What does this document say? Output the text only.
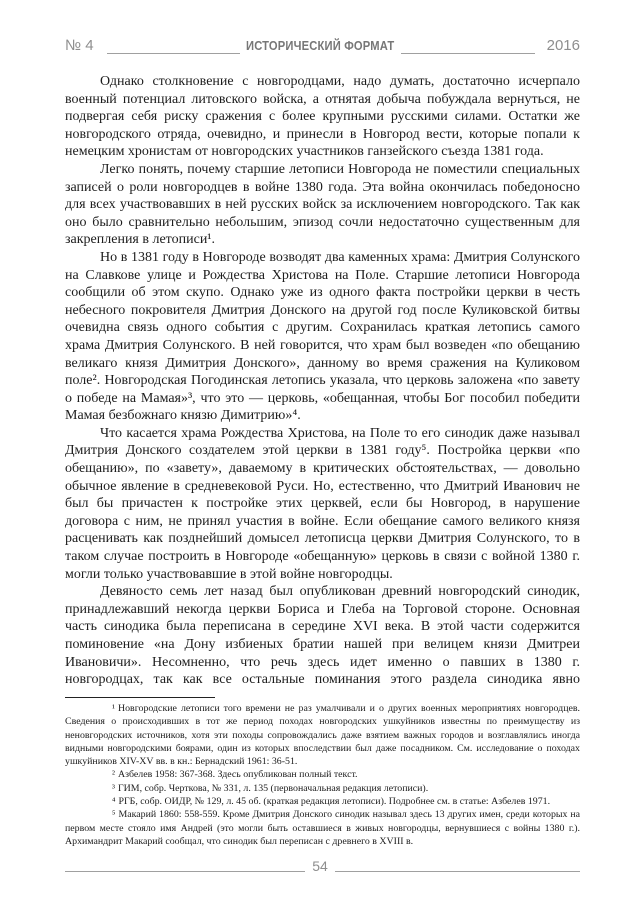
№ 4	ИСТОРИЧЕСКИЙ ФОРМАТ	2016

Однако столкновение с новгородцами, надо думать, достаточно исчерпало военный потенциал литовского войска, а отнятая добыча побуждала вернуться, не подвергая себя риску сражения с более крупными русскими силами. Остатки же новгородского отряда, очевидно, и принесли в Новгород вести, которые попали к немецким хронистам от новгородских участников ганзейского съезда 1381 года.

Легко понять, почему старшие летописи Новгорода не поместили специальных записей о роли новгородцев в войне 1380 года. Эта война окончилась победоносно для всех участвовавших в ней русских войск за исключением новгородского. Так как оно было сравнительно небольшим, эпизод сочли недостаточно существенным для закрепления в летописи¹.

Но в 1381 году в Новгороде возводят два каменных храма: Дмитрия Солунского на Славкове улице и Рождества Христова на Поле. Старшие летописи Новгорода сообщили об этом скупо. Однако уже из одного факта постройки церкви в честь небесного покровителя Дмитрия Донского на другой год после Куликовской битвы очевидна связь одного события с другим. Сохранилась краткая летопись самого храма Дмитрия Солунского. В ней говорится, что храм был возведен «по обещанию великаго князя Димитрия Донского», данному во время сражения на Куликовом поле². Новгородская Погодинская летопись указала, что церковь заложена «по завету о победе на Мамая»³, что это — церковь, «обещанная, чтобы Бог пособил победити Мамая безбожнаго князю Димитрию»⁴.

Что касается храма Рождества Христова, на Поле то его синодик даже называл Дмитрия Донского создателем этой церкви в 1381 году⁵. Постройка церкви «по обещанию», по «завету», даваемому в критических обстоятельствах, — довольно обычное явление в средневековой Руси. Но, естественно, что Дмитрий Иванович не был бы причастен к постройке этих церквей, если бы Новгород, в нарушение договора с ним, не принял участия в войне. Если обещание самого великого князя расценивать как позднейший домысел летописца церкви Дмитрия Солунского, то в таком случае построить в Новгороде «обещанную» церковь в связи с войной 1380 г. могли только участвовавшие в этой войне новгородцы.

Девяносто семь лет назад был опубликован древний новгородский синодик, принадлежавший некогда церкви Бориса и Глеба на Торговой стороне. Основная часть синодика была переписана в середине XVI века. В этой части содержится поминовение «на Дону избиеных братии нашей при велицем князи Дмитреи Ивановичи». Несомненно, что речь здесь идет именно о павших в 1380 г. новгородцах, так как все остальные поминания этого раздела синодика явно

¹ Новгородские летописи того времени не раз умалчивали и о других военных мероприятиях новгородцев. Сведения о происходивших в тот же период походах новгородских ушкуйников известны по преимуществу из неновгородских источников, хотя эти походы сопровождались даже взятием важных городов и возглавлялись иногда видными новгородскими боярами, один из которых впоследствии был даже посадником. См. исследование о походах ушкуйников XIV-XV вв. в кн.: Бернадский 1961: 36-51.

² Азбелев 1958: 367-368. Здесь опубликован полный текст.

³ ГИМ, собр. Черткова, № 331, л. 135 (первоначальная редакция летописи).

⁴ РГБ, собр. ОИДР, № 129, л. 45 об. (краткая редакция летописи). Подробнее см. в статье: Азбелев 1971.

⁵ Макарий 1860: 558-559. Кроме Дмитрия Донского синодик называл здесь 13 других имен, среди которых на первом месте стояло имя Андрей (это могли быть оставшиеся в живых новгородцы, вернувшиеся с войны 1380 г.). Архимандрит Макарий сообщал, что синодик был переписан с древнего в XVIII в.

54
